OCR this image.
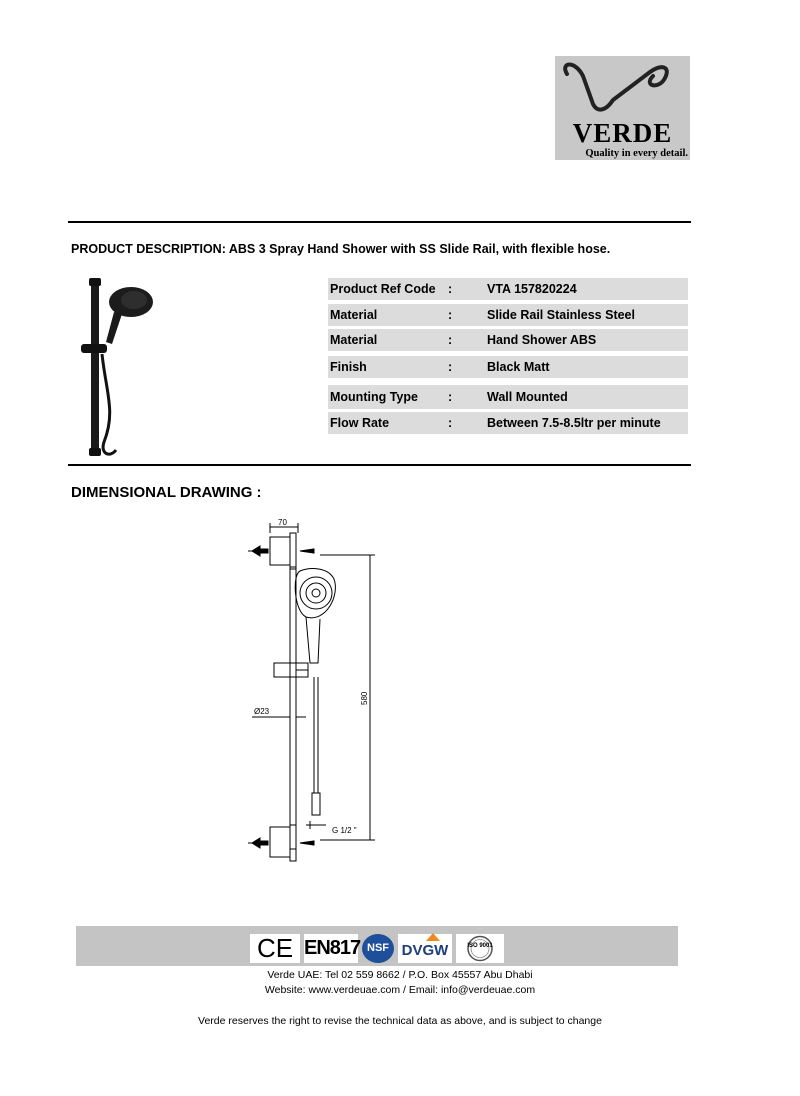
VERDE
Quality in every detail.
PRODUCT DESCRIPTION: ABS 3 Spray Hand Shower with SS Slide Rail, with flexible hose.
Product Ref Code :	VTA 157820224
Material	:	Slide Rail Stainless Steel
Material	:	Hand Shower ABS
Finish	:	Black Matt
Mounting Type :	Wall Mounted
Flow Rate	:	Between 7.5-8.5ltr per minute
DIMENSIONAL DRAWING :
70
G 1/2 "
Ø23
580
CE EN817 NSF DVGW	ISO 9001
Verde UAE: Tel 02 559 8662 / P.O. Box 45557 Abu Dhabi
Website: www.verdeuae.com / Email: info@verdeuae.com
Verde reserves the right to revise the technical data as above, and is subject to change
